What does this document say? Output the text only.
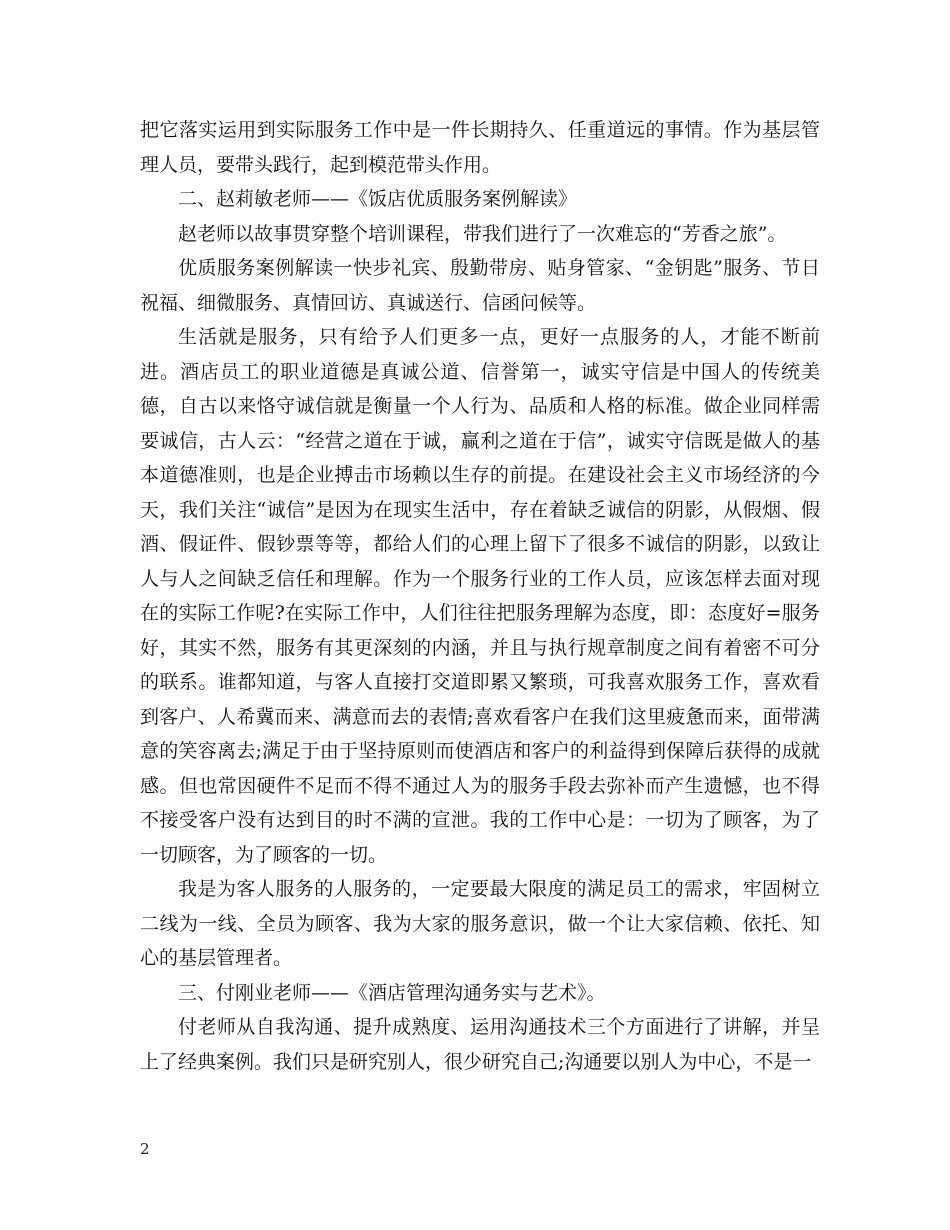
把它落实运用到实际服务工作中是一件长期持久、任重道远的事情。作为基层管理人员，要带头践行，起到模范带头作用。

二、赵莉敏老师——《饭店优质服务案例解读》

赵老师以故事贯穿整个培训课程，带我们进行了一次难忘的“芳香之旅”。

优质服务案例解读一快步礼宾、殷勤带房、贴身管家、“金钥匙”服务、节日祝福、细微服务、真情回访、真诚送行、信函问候等。

生活就是服务，只有给予人们更多一点，更好一点服务的人，才能不断前进。酒店员工的职业道德是真诚公道、信誉第一，诚实守信是中国人的传统美德，自古以来恪守诚信就是衡量一个人行为、品质和人格的标准。做企业同样需要诚信，古人云：“经营之道在于诚，赢利之道在于信”，诚实守信既是做人的基本道德准则，也是企业搏击市场赖以生存的前提。在建设社会主义市场经济的今天，我们关注“诚信”是因为在现实生活中，存在着缺乏诚信的阴影，从假烟、假酒、假证件、假钞票等等，都给人们的心理上留下了很多不诚信的阴影，以致让人与人之间缺乏信任和理解。作为一个服务行业的工作人员，应该怎样去面对现在的实际工作呢?在实际工作中，人们往往把服务理解为态度，即：态度好=服务好，其实不然，服务有其更深刻的内涵，并且与执行规章制度之间有着密不可分的联系。谁都知道，与客人直接打交道即累又繁琐，可我喜欢服务工作，喜欢看到客户、人希冀而来、满意而去的表情;喜欢看客户在我们这里疲惫而来，面带满意的笑容离去;满足于由于坚持原则而使酒店和客户的利益得到保障后获得的成就感。但也常因硬件不足而不得不通过人为的服务手段去弥补而产生遗憾，也不得不接受客户没有达到目的时不满的宣泄。我的工作中心是：一切为了顾客，为了一切顾客，为了顾客的一切。

我是为客人服务的人服务的，一定要最大限度的满足员工的需求，牢固树立二线为一线、全员为顾客、我为大家的服务意识，做一个让大家信赖、依托、知心的基层管理者。

三、付刚业老师——《酒店管理沟通务实与艺术》。

付老师从自我沟通、提升成熟度、运用沟通技术三个方面进行了讲解，并呈上了经典案例。我们只是研究别人，很少研究自己;沟通要以别人为中心，不是一

2
